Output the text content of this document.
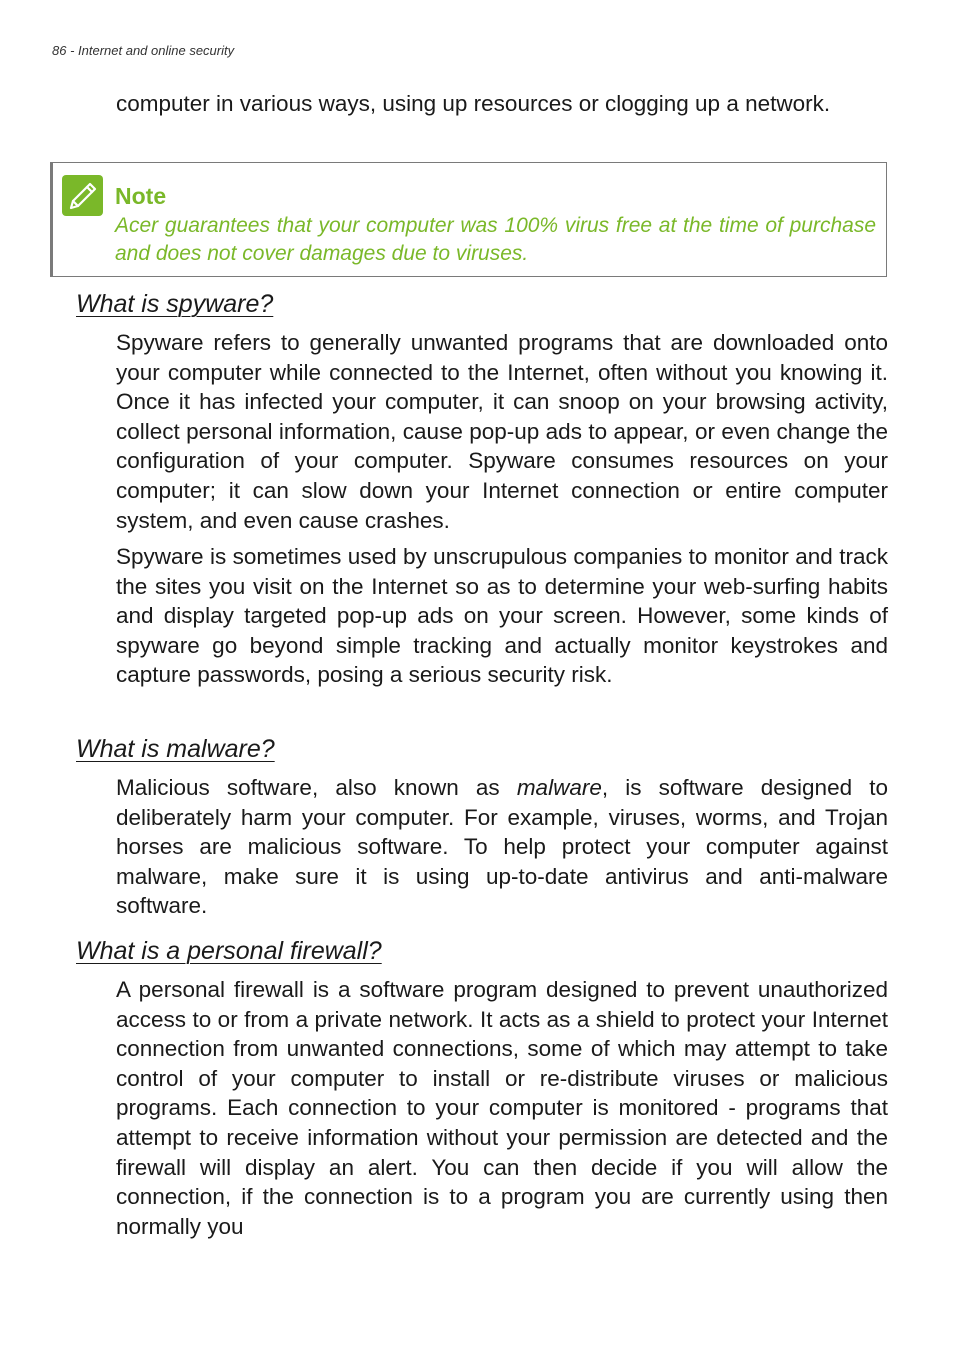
86 - Internet and online security

computer in various ways, using up resources or clogging up a network.

Note

Acer guarantees that your computer was 100% virus free at the time of purchase and does not cover damages due to viruses.

What is spyware?

Spyware refers to generally unwanted programs that are downloaded onto your computer while connected to the Internet, often without you knowing it. Once it has infected your computer, it can snoop on your browsing activity, collect personal information, cause pop-up ads to appear, or even change the configuration of your computer. Spyware consumes resources on your computer; it can slow down your Internet connection or entire computer system, and even cause crashes.

Spyware is sometimes used by unscrupulous companies to monitor and track the sites you visit on the Internet so as to determine your web-surfing habits and display targeted pop-up ads on your screen. However, some kinds of spyware go beyond simple tracking and actually monitor keystrokes and capture passwords, posing a serious security risk.

What is malware?

Malicious software, also known as malware, is software designed to deliberately harm your computer. For example, viruses, worms, and Trojan horses are malicious software. To help protect your computer against malware, make sure it is using up-to-date antivirus and anti-malware software.

What is a personal firewall?

A personal firewall is a software program designed to prevent unauthorized access to or from a private network. It acts as a shield to protect your Internet connection from unwanted connections, some of which may attempt to take control of your computer to install or re-distribute viruses or malicious programs. Each connection to your computer is monitored - programs that attempt to receive information without your permission are detected and the firewall will display an alert. You can then decide if you will allow the connection, if the connection is to a program you are currently using then normally you
